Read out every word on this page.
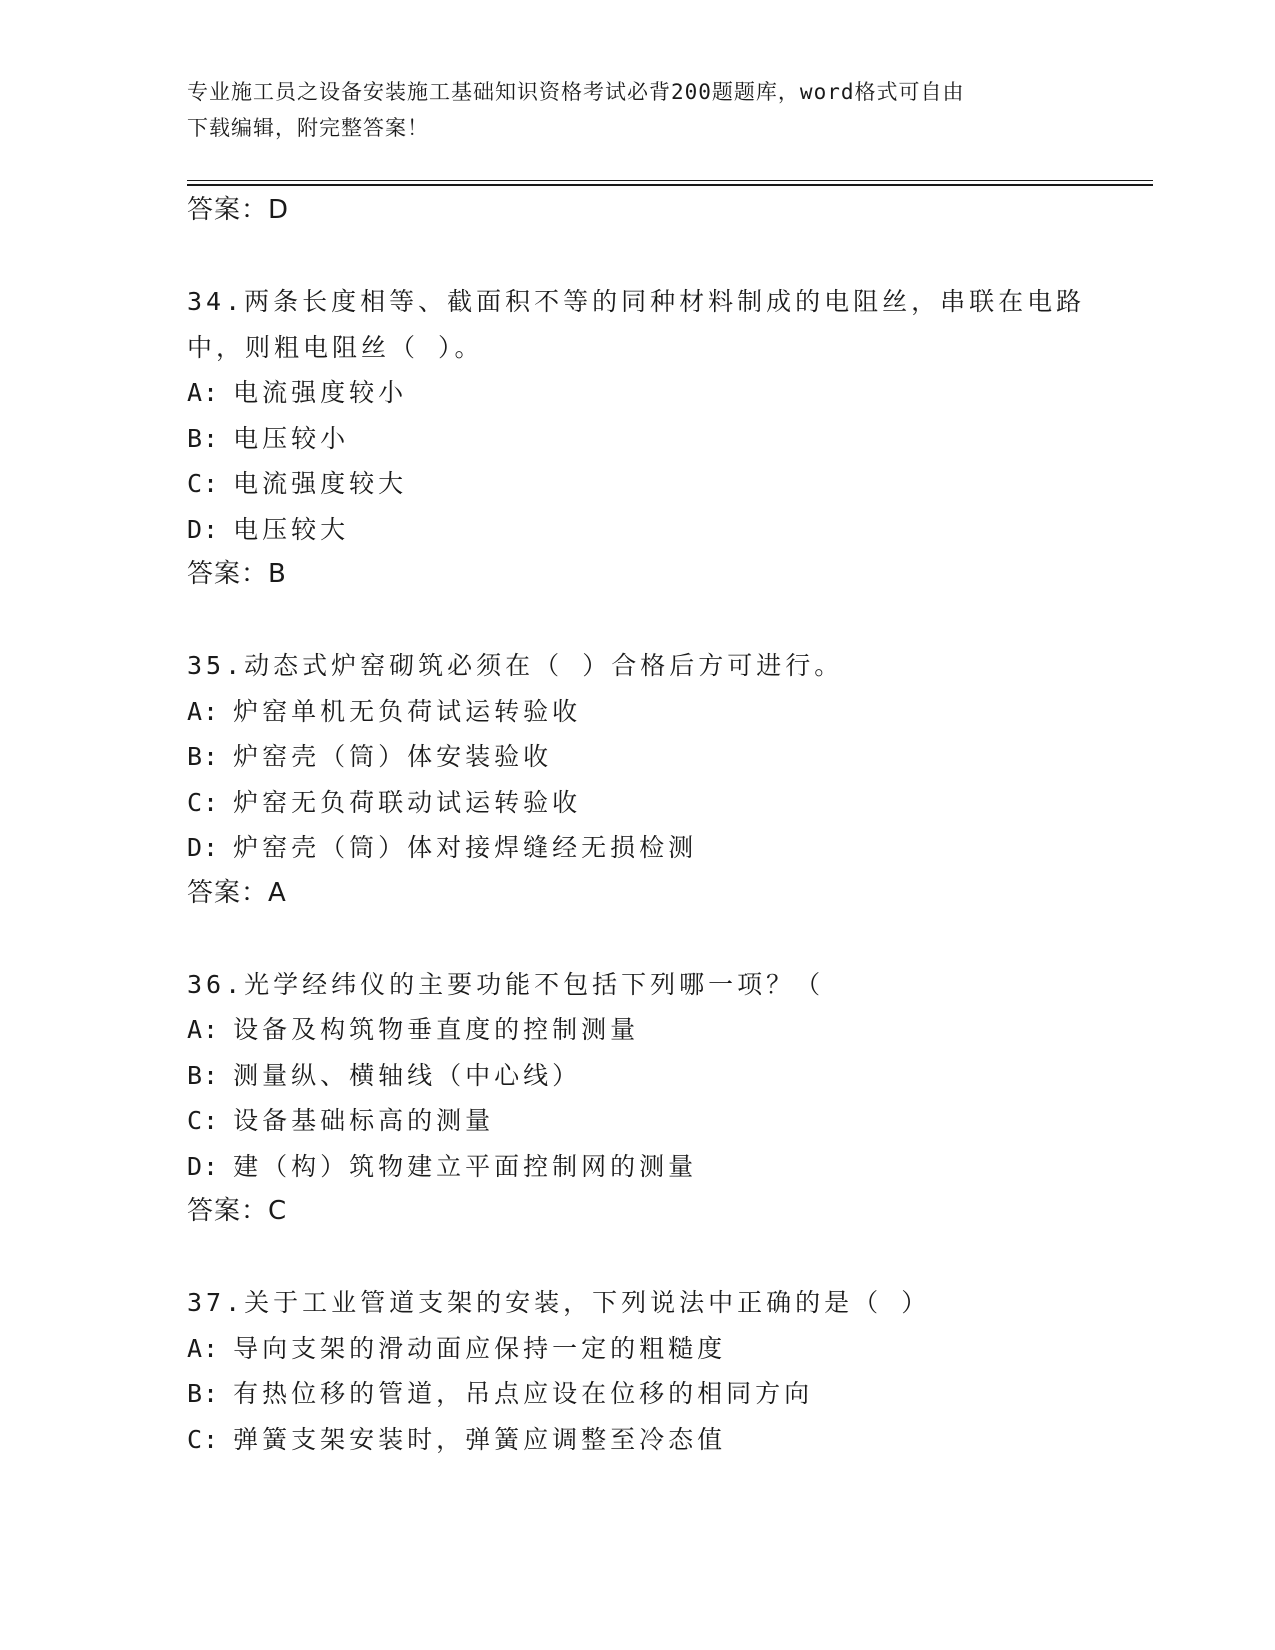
专业施工员之设备安装施工基础知识资格考试必背200题题库，word格式可自由
下载编辑，附完整答案！
答案：D
34.两条长度相等、截面积不等的同种材料制成的电阻丝，串联在电路
中，则粗电阻丝（ ）。
A: 电流强度较小
B: 电压较小
C: 电流强度较大
D: 电压较大
答案：B
35.动态式炉窑砌筑必须在（ ）合格后方可进行。
A: 炉窑单机无负荷试运转验收
B: 炉窑壳（筒）体安装验收
C: 炉窑无负荷联动试运转验收
D: 炉窑壳（筒）体对接焊缝经无损检测
答案：A
36.光学经纬仪的主要功能不包括下列哪一项？（
A: 设备及构筑物垂直度的控制测量
B: 测量纵、横轴线（中心线）
C: 设备基础标高的测量
D: 建（构）筑物建立平面控制网的测量
答案：C
37.关于工业管道支架的安装，下列说法中正确的是（ ）
A: 导向支架的滑动面应保持一定的粗糙度
B: 有热位移的管道，吊点应设在位移的相同方向
C: 弹簧支架安装时，弹簧应调整至冷态值
